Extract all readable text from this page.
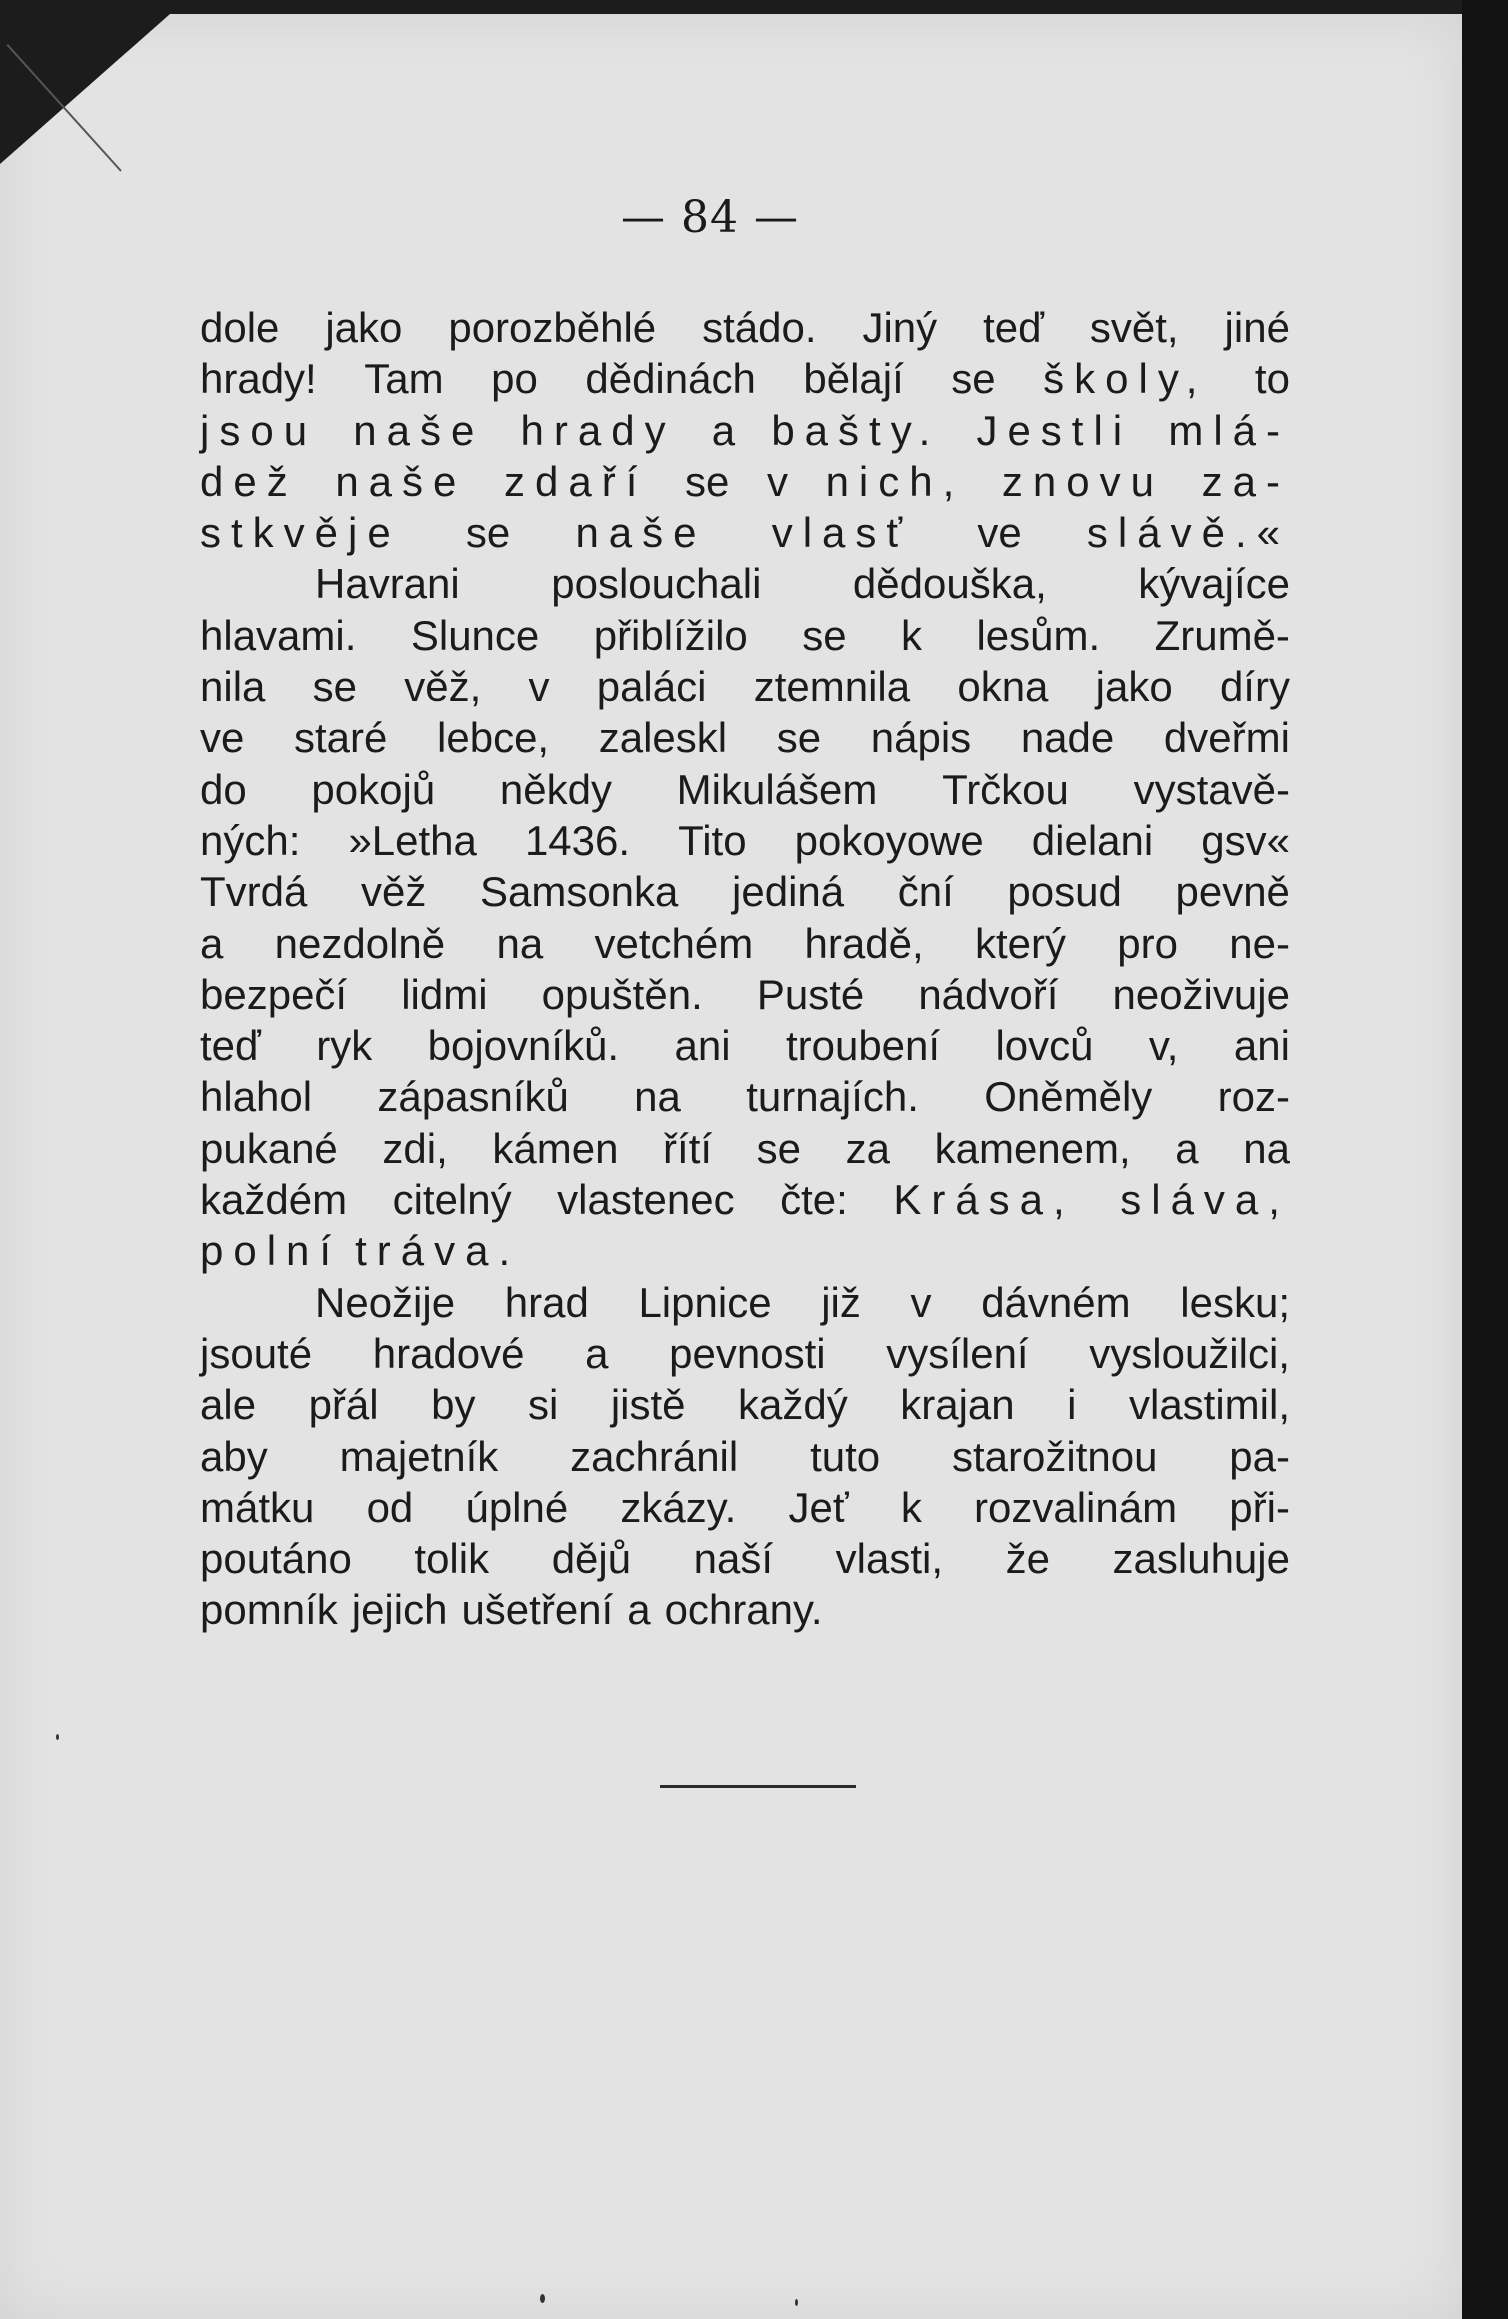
— 84 —
dole jako porozběhlé stádo. Jiný teď svět, jiné
hrady! Tam po dědinách bělají se školy, to
jsou naše hrady a bašty. Jestli mlá-
dež naše zdaří se v nich, znovu za-
stkvěje se naše vlasť ve slávě.«
Havrani poslouchali dědouška, kývajíce
hlavami. Slunce přiblížilo se k lesům. Zrumě-
nila se věž, v paláci ztemnila okna jako díry
ve staré lebce, zaleskl se nápis nade dveřmi
do pokojů někdy Mikulášem Trčkou vystavě-
ných: »Letha 1436. Tito pokoyowe dielani gsv«
Tvrdá věž Samsonka jediná ční posud pevně
a nezdolně na vetchém hradě, který pro ne-
bezpečí lidmi opuštěn. Pusté nádvoří neoživuje
teď ryk bojovníků. ani troubení lovců v, ani
hlahol zápasníků na turnajích. Oněměly roz-
pukané zdi, kámen řítí se za kamenem, a na
každém citelný vlastenec čte: Krása, sláva,
polní tráva.
Neožije hrad Lipnice již v dávném lesku;
jsouté hradové a pevnosti vysílení vysloužilci,
ale přál by si jistě každý krajan i vlastimil,
aby majetník zachránil tuto starožitnou pa-
mátku od úplné zkázy. Jeť k rozvalinám při-
poutáno tolik dějů naší vlasti, že zasluhuje
pomník jejich ušetření a ochrany.
